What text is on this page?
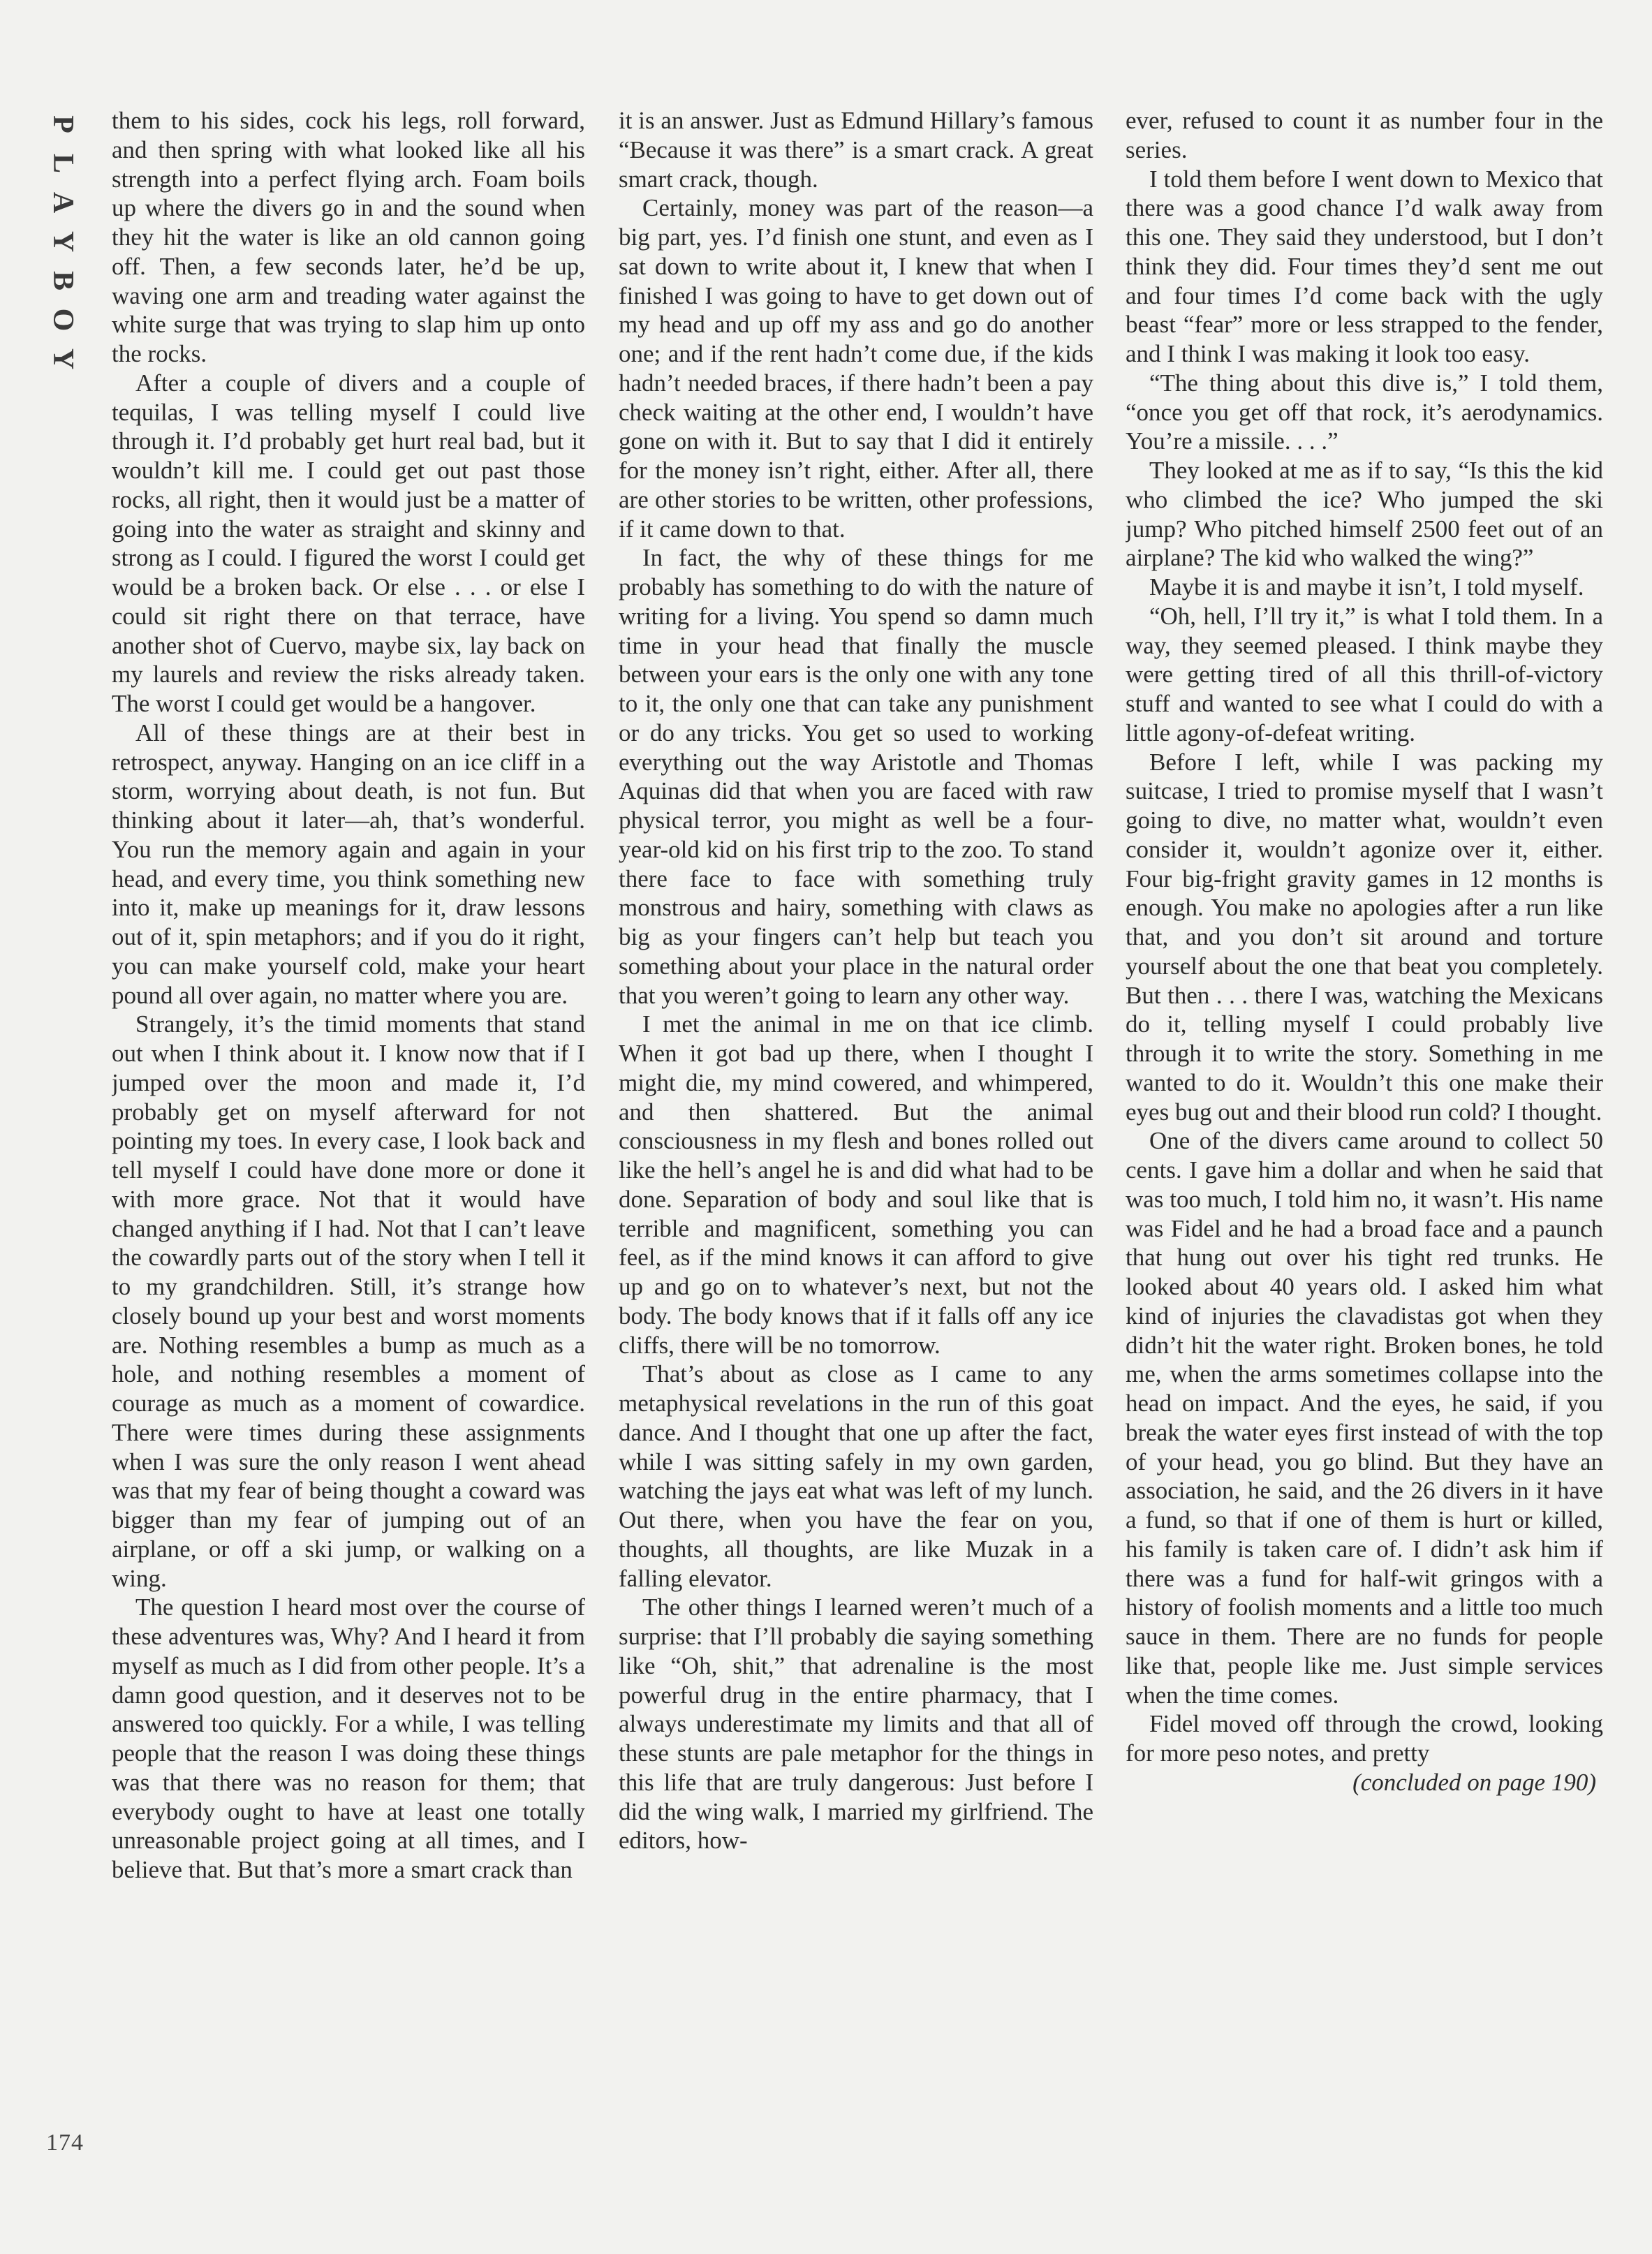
P
L
A
Y
B
O
Y

them to his sides, cock his legs, roll forward, and then spring with what looked like all his strength into a perfect flying arch. Foam boils up where the divers go in and the sound when they hit the water is like an old cannon going off. Then, a few seconds later, he’d be up, waving one arm and treading water against the white surge that was trying to slap him up onto the rocks.

After a couple of divers and a couple of tequilas, I was telling myself I could live through it. I’d probably get hurt real bad, but it wouldn’t kill me. I could get out past those rocks, all right, then it would just be a matter of going into the water as straight and skinny and strong as I could. I figured the worst I could get would be a broken back. Or else . . . or else I could sit right there on that terrace, have another shot of Cuervo, maybe six, lay back on my laurels and review the risks already taken. The worst I could get would be a hangover.

All of these things are at their best in retrospect, anyway. Hanging on an ice cliff in a storm, worrying about death, is not fun. But thinking about it later—ah, that’s wonderful. You run the memory again and again in your head, and every time, you think something new into it, make up meanings for it, draw lessons out of it, spin metaphors; and if you do it right, you can make yourself cold, make your heart pound all over again, no matter where you are.

Strangely, it’s the timid moments that stand out when I think about it. I know now that if I jumped over the moon and made it, I’d probably get on myself afterward for not pointing my toes. In every case, I look back and tell myself I could have done more or done it with more grace. Not that it would have changed anything if I had. Not that I can’t leave the cowardly parts out of the story when I tell it to my grandchildren. Still, it’s strange how closely bound up your best and worst moments are. Nothing resembles a bump as much as a hole, and nothing resembles a moment of courage as much as a moment of cowardice. There were times during these assignments when I was sure the only reason I went ahead was that my fear of being thought a coward was bigger than my fear of jumping out of an airplane, or off a ski jump, or walking on a wing.

The question I heard most over the course of these adventures was, Why? And I heard it from myself as much as I did from other people. It’s a damn good question, and it deserves not to be answered too quickly. For a while, I was telling people that the reason I was doing these things was that there was no reason for them; that everybody ought to have at least one totally unreasonable project going at all times, and I believe that. But that’s more a smart crack than

it is an answer. Just as Edmund Hillary’s famous “Because it was there” is a smart crack. A great smart crack, though.

Certainly, money was part of the reason—a big part, yes. I’d finish one stunt, and even as I sat down to write about it, I knew that when I finished I was going to have to get down out of my head and up off my ass and go do another one; and if the rent hadn’t come due, if the kids hadn’t needed braces, if there hadn’t been a pay check waiting at the other end, I wouldn’t have gone on with it. But to say that I did it entirely for the money isn’t right, either. After all, there are other stories to be written, other professions, if it came down to that.

In fact, the why of these things for me probably has something to do with the nature of writing for a living. You spend so damn much time in your head that finally the muscle between your ears is the only one with any tone to it, the only one that can take any punishment or do any tricks. You get so used to working everything out the way Aristotle and Thomas Aquinas did that when you are faced with raw physical terror, you might as well be a four-year-old kid on his first trip to the zoo. To stand there face to face with something truly monstrous and hairy, something with claws as big as your fingers can’t help but teach you something about your place in the natural order that you weren’t going to learn any other way.

I met the animal in me on that ice climb. When it got bad up there, when I thought I might die, my mind cowered, and whimpered, and then shattered. But the animal consciousness in my flesh and bones rolled out like the hell’s angel he is and did what had to be done. Separation of body and soul like that is terrible and magnificent, something you can feel, as if the mind knows it can afford to give up and go on to whatever’s next, but not the body. The body knows that if it falls off any ice cliffs, there will be no tomorrow.

That’s about as close as I came to any metaphysical revelations in the run of this goat dance. And I thought that one up after the fact, while I was sitting safely in my own garden, watching the jays eat what was left of my lunch. Out there, when you have the fear on you, thoughts, all thoughts, are like Muzak in a falling elevator.

The other things I learned weren’t much of a surprise: that I’ll probably die saying something like “Oh, shit,” that adrenaline is the most powerful drug in the entire pharmacy, that I always underestimate my limits and that all of these stunts are pale metaphor for the things in this life that are truly dangerous: Just before I did the wing walk, I married my girlfriend. The editors, how-

ever, refused to count it as number four in the series.

I told them before I went down to Mexico that there was a good chance I’d walk away from this one. They said they understood, but I don’t think they did. Four times they’d sent me out and four times I’d come back with the ugly beast “fear” more or less strapped to the fender, and I think I was making it look too easy.

“The thing about this dive is,” I told them, “once you get off that rock, it’s aerodynamics. You’re a missile. . . .”

They looked at me as if to say, “Is this the kid who climbed the ice? Who jumped the ski jump? Who pitched himself 2500 feet out of an airplane? The kid who walked the wing?”

Maybe it is and maybe it isn’t, I told myself.

“Oh, hell, I’ll try it,” is what I told them. In a way, they seemed pleased. I think maybe they were getting tired of all this thrill-of-victory stuff and wanted to see what I could do with a little agony-of-defeat writing.

Before I left, while I was packing my suitcase, I tried to promise myself that I wasn’t going to dive, no matter what, wouldn’t even consider it, wouldn’t agonize over it, either. Four big-fright gravity games in 12 months is enough. You make no apologies after a run like that, and you don’t sit around and torture yourself about the one that beat you completely. But then . . . there I was, watching the Mexicans do it, telling myself I could probably live through it to write the story. Something in me wanted to do it. Wouldn’t this one make their eyes bug out and their blood run cold? I thought.

One of the divers came around to collect 50 cents. I gave him a dollar and when he said that was too much, I told him no, it wasn’t. His name was Fidel and he had a broad face and a paunch that hung out over his tight red trunks. He looked about 40 years old. I asked him what kind of injuries the clavadistas got when they didn’t hit the water right. Broken bones, he told me, when the arms sometimes collapse into the head on impact. And the eyes, he said, if you break the water eyes first instead of with the top of your head, you go blind. But they have an association, he said, and the 26 divers in it have a fund, so that if one of them is hurt or killed, his family is taken care of. I didn’t ask him if there was a fund for half-wit gringos with a history of foolish moments and a little too much sauce in them. There are no funds for people like that, people like me. Just simple services when the time comes.

Fidel moved off through the crowd, looking for more peso notes, and pretty

(concluded on page 190)

174
